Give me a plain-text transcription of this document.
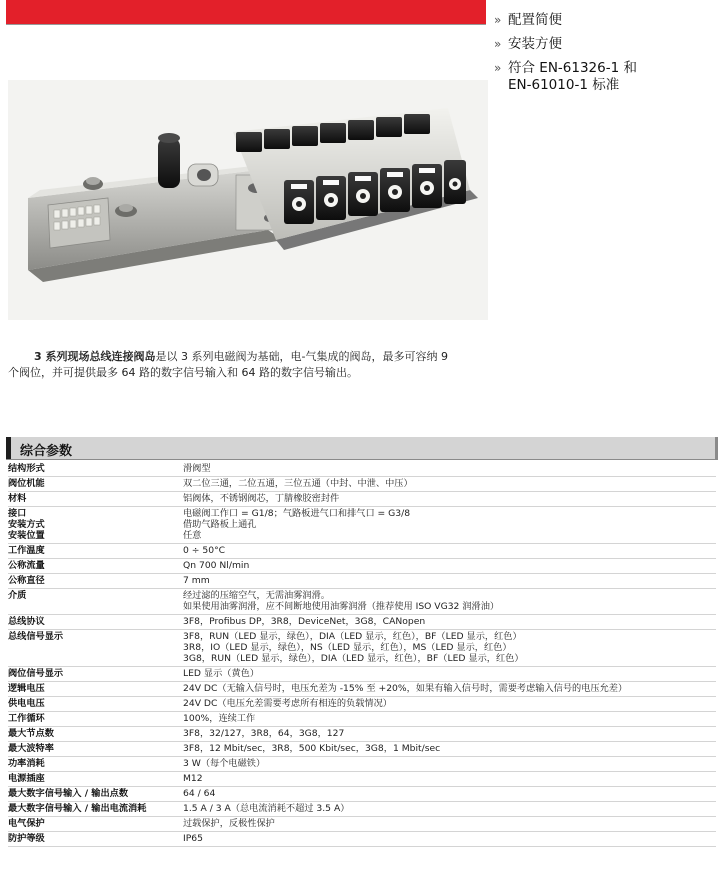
» 配置简便
» 安装方便
» 符合 EN-61326-1 和
EN-61010-1 标准

3 系列现场总线连接阀岛是以 3 系列电磁阀为基础，电-气集成的阀岛，最多可容纳 9
个阀位，并可提供最多 64 路的数字信号输入和 64 路的数字信号输出。

综合参数
结构形式	滑阀型

阀位机能	双二位三通，二位五通，三位五通（中封、中泄、中压）

材料	铝阀体，不锈钢阀芯，丁腈橡胶密封件

接口
安装方式
安装位置	电磁阀工作口 = G1/8；气路板进气口和排气口 = G3/8
借助气路板上通孔
任意

工作温度	0 ÷ 50°C

公称流量	Qn 700 Nl/min

公称直径	7 mm

介质	经过滤的压缩空气，无需油雾润滑。
如果使用油雾润滑，应不间断地使用油雾润滑（推荐使用 ISO VG32 润滑油）

总线协议	3F8，Profibus DP，3R8，DeviceNet，3G8，CANopen

总线信号显示	3F8，RUN（LED 显示，绿色），DIA（LED 显示，红色），BF（LED 显示，红色）
3R8，IO（LED 显示，绿色），NS（LED 显示，红色），MS（LED 显示，红色）
3G8，RUN（LED 显示，绿色），DIA（LED 显示，红色），BF（LED 显示，红色）

阀位信号显示	LED 显示（黄色）

逻辑电压	24V DC（无输入信号时，电压允差为 -15% 至 +20%，如果有输入信号时，需要考虑输入信号的电压允差）

供电电压	24V DC（电压允差需要考虑所有相连的负载情况）

工作循环	100%，连续工作

最大节点数	3F8，32/127，3R8，64，3G8，127

最大波特率	3F8，12 Mbit/sec，3R8，500 Kbit/sec，3G8，1 Mbit/sec

功率消耗	3 W（每个电磁铁）

电源插座	M12

最大数字信号输入 / 输出点数	64 / 64

最大数字信号输入 / 输出电流消耗	1.5 A / 3 A（总电流消耗不超过 3.5 A）

电气保护	过载保护，反极性保护

防护等级	IP65
